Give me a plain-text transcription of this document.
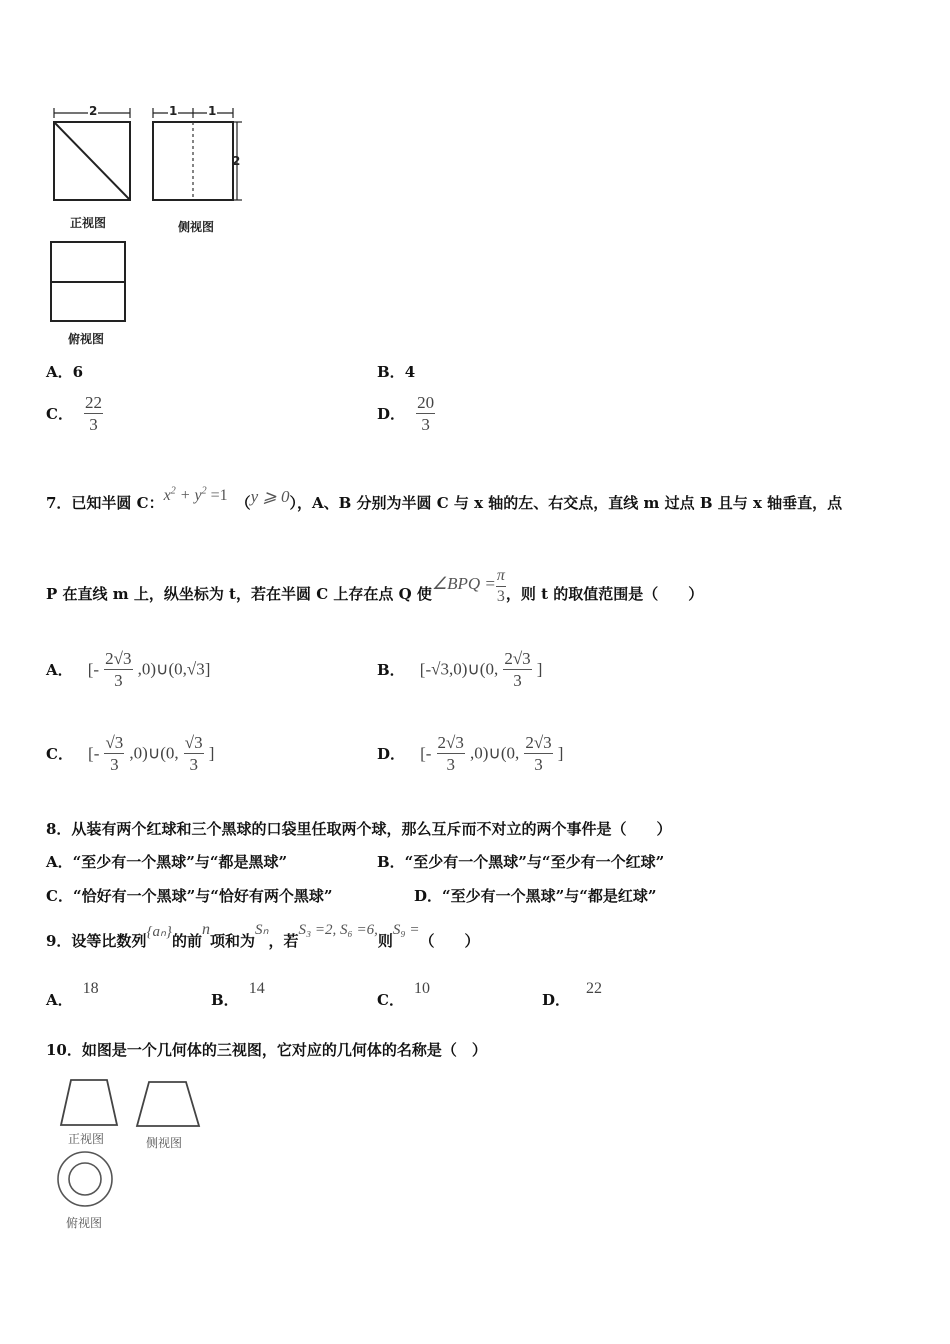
2	1	1
2
正视图	侧视图
俯视图
A．6	B．4
C． $\frac{22}{3}$	D． $\frac{20}{3}$
7．已知半圆 C：$x^2 + y^2 =1$ （y ⩾ 0），A、B 分别为半圆 C 与 x 轴的左、右交点，直线 m 过点 B 且与 x 轴垂直，点
P 在直线 m 上，纵坐标为 t，若在半圆 C 上存在点 Q 使∠BPQ = $\frac{\pi}{3}$ ，则 t 的取值范围是（　　）
A． [- $\frac{2√3}{3}$ ,0)∪(0,√3]	B． [-√3,0)∪(0, $\frac{2√3}{3}$ ]
C． [- $\frac{√3}{3}$ ,0)∪(0, $\frac{√3}{3}$ ]	D． [- $\frac{2√3}{3}$ ,0)∪(0, $\frac{2√3}{3}$ ]
8．从装有两个红球和三个黑球的口袋里任取两个球，那么互斥而不对立的两个事件是（　　）
A．“至少有一个黑球”与“都是黑球”	B．“至少有一个黑球”与“至少有一个红球”
C．“恰好有一个黑球”与“恰好有两个黑球”	D．“至少有一个黑球”与“都是红球”
9．设等比数列{aₙ}的前n项和为Sₙ，若S₃ =2, S₆ =6,则S₉ =（　　）
A．18
B．14
C．10
D．22
10．如图是一个几何体的三视图，它对应的几何体的名称是（　）
正视图	侧视图
俯视图
